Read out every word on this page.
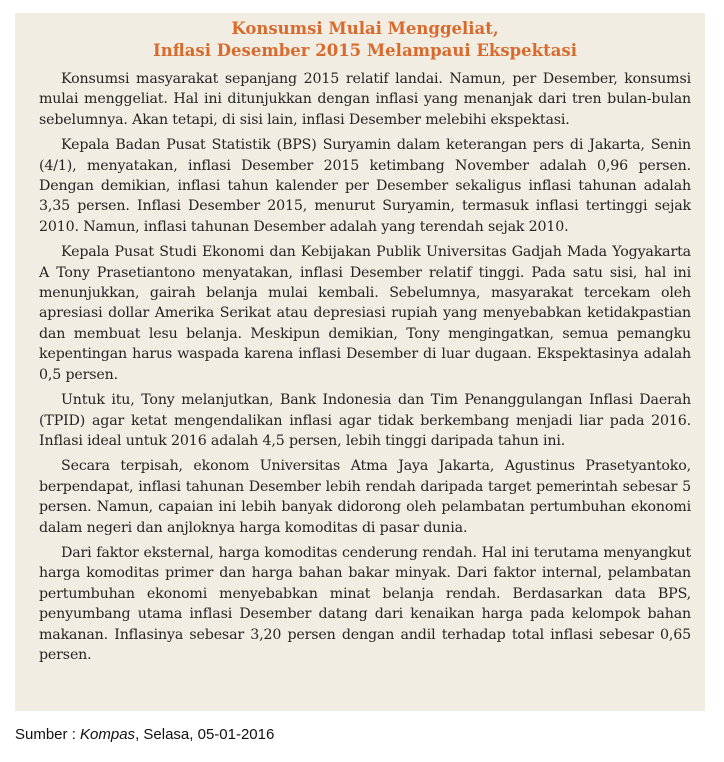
Konsumsi Mulai Menggeliat,
Inflasi Desember 2015 Melampaui Ekspektasi

Konsumsi masyarakat sepanjang 2015 relatif landai. Namun, per Desember, konsumsi mulai menggeliat. Hal ini ditunjukkan dengan inflasi yang menanjak dari tren bulan-bulan sebelumnya. Akan tetapi, di sisi lain, inflasi Desember melebihi ekspektasi.

Kepala Badan Pusat Statistik (BPS) Suryamin dalam keterangan pers di Jakarta, Senin (4/1), menyatakan, inflasi Desember 2015 ketimbang November adalah 0,96 persen. Dengan demikian, inflasi tahun kalender per Desember sekaligus inflasi tahunan adalah 3,35 persen. Inflasi Desember 2015, menurut Suryamin, termasuk inflasi tertinggi sejak 2010. Namun, inflasi tahunan Desember adalah yang terendah sejak 2010.

Kepala Pusat Studi Ekonomi dan Kebijakan Publik Universitas Gadjah Mada Yogyakarta A Tony Prasetiantono menyatakan, inflasi Desember relatif tinggi. Pada satu sisi, hal ini menunjukkan, gairah belanja mulai kembali. Sebelumnya, masyarakat tercekam oleh apresiasi dollar Amerika Serikat atau depresiasi rupiah yang menyebabkan ketidakpastian dan membuat lesu belanja. Meskipun demikian, Tony mengingatkan, semua pemangku kepentingan harus waspada karena inflasi Desember di luar dugaan. Ekspektasinya adalah 0,5 persen.

Untuk itu, Tony melanjutkan, Bank Indonesia dan Tim Penanggulangan Inflasi Daerah (TPID) agar ketat mengendalikan inflasi agar tidak berkembang menjadi liar pada 2016. Inflasi ideal untuk 2016 adalah 4,5 persen, lebih tinggi daripada tahun ini.

Secara terpisah, ekonom Universitas Atma Jaya Jakarta, Agustinus Prasetyantoko, berpendapat, inflasi tahunan Desember lebih rendah daripada target pemerintah sebesar 5 persen. Namun, capaian ini lebih banyak didorong oleh pelambatan pertumbuhan ekonomi dalam negeri dan anjloknya harga komoditas di pasar dunia.

Dari faktor eksternal, harga komoditas cenderung rendah. Hal ini terutama menyangkut harga komoditas primer dan harga bahan bakar minyak. Dari faktor internal, pelambatan pertumbuhan ekonomi menyebabkan minat belanja rendah. Berdasarkan data BPS, penyumbang utama inflasi Desember datang dari kenaikan harga pada kelompok bahan makanan. Inflasinya sebesar 3,20 persen dengan andil terhadap total inflasi sebesar 0,65 persen.

Sumber : Kompas, Selasa, 05-01-2016
